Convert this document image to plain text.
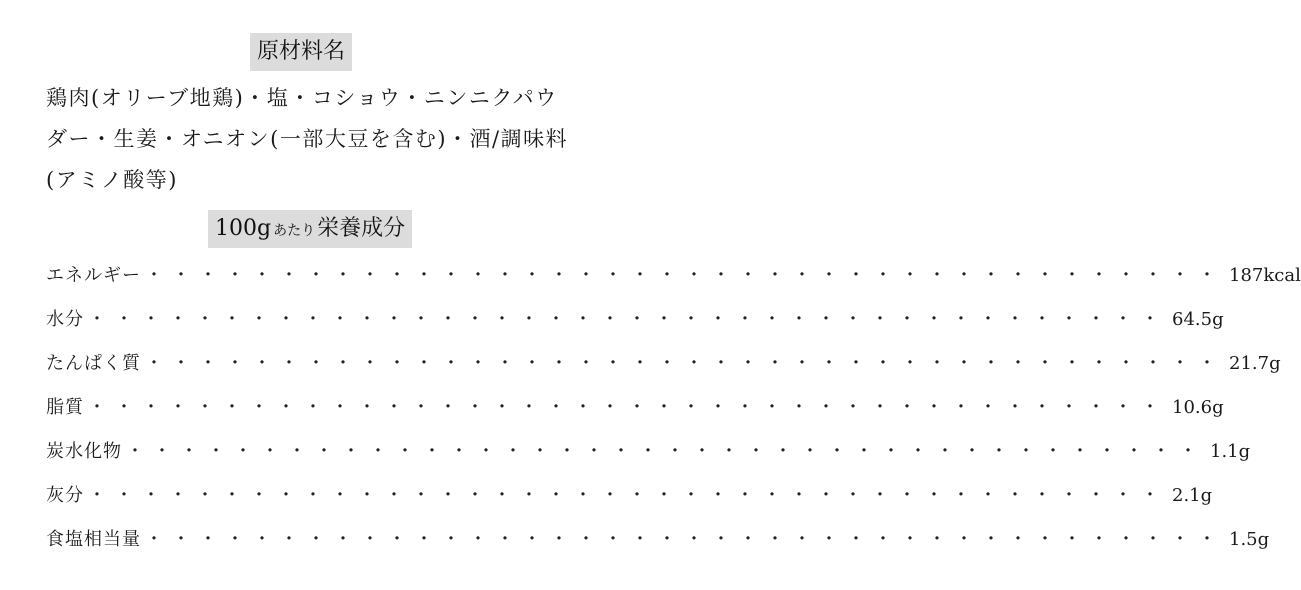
原材料名
鶏肉(オリーブ地鶏)・塩・コショウ・ニンニクパウ
ダー・生姜・オニオン(一部大豆を含む)・酒/調味料
(アミノ酸等)
100g あたり栄養成分
エネルギー ・・・・・・・・・・・・・・・・・・・・・・・・・・・・・・・・・・・・・・・・ 187kcal
水分 ・・・・・・・・・・・・・・・・・・・・・・・・・・・・・・・・・・・・・・・・ 64.5g
たんぱく質 ・・・・・・・・・・・・・・・・・・・・・・・・・・・・・・・・・・・・・・・・ 21.7g
脂質 ・・・・・・・・・・・・・・・・・・・・・・・・・・・・・・・・・・・・・・・・ 10.6g
炭水化物 ・・・・・・・・・・・・・・・・・・・・・・・・・・・・・・・・・・・・・・・・ 1.1g
灰分 ・・・・・・・・・・・・・・・・・・・・・・・・・・・・・・・・・・・・・・・・ 2.1g
食塩相当量 ・・・・・・・・・・・・・・・・・・・・・・・・・・・・・・・・・・・・・・・・ 1.5g
